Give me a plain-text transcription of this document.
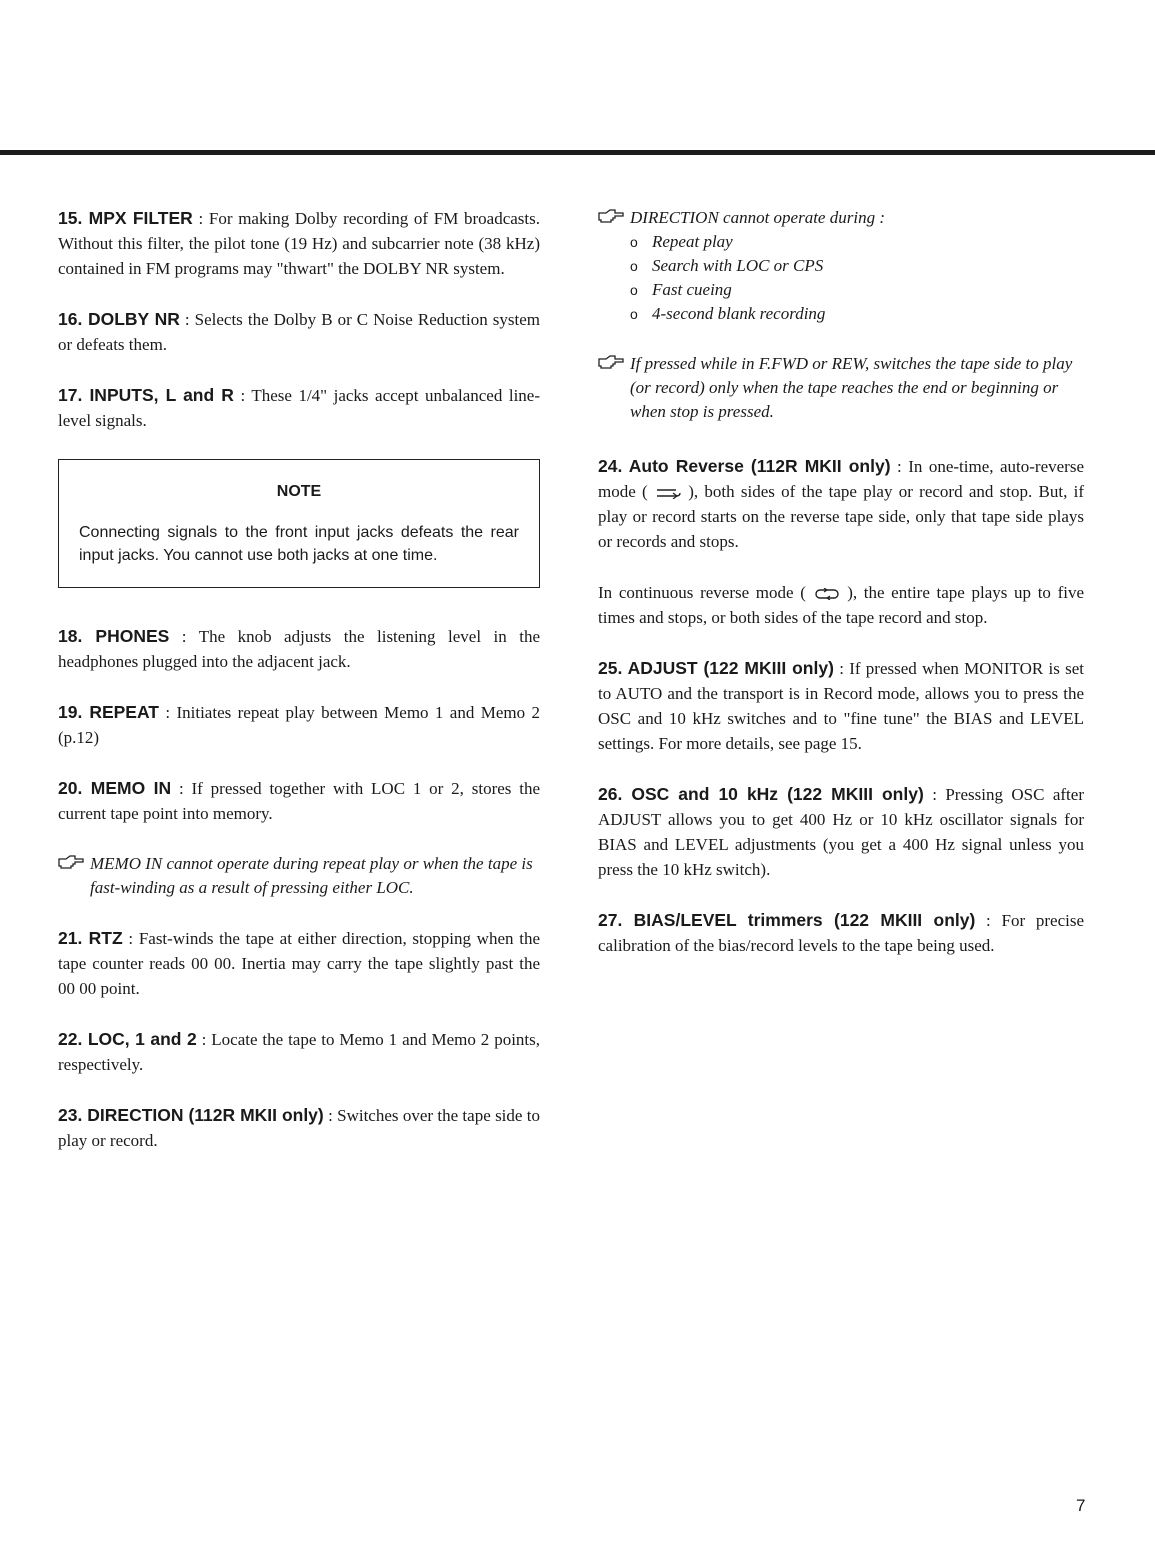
15. MPX FILTER : For making Dolby recording of FM broadcasts. Without this filter, the pilot tone (19 Hz) and subcarrier note (38 kHz) contained in FM programs may "thwart" the DOLBY NR system.

16. DOLBY NR : Selects the Dolby B or C Noise Reduction system or defeats them.

17. INPUTS, L and R : These 1/4" jacks accept unbalanced line-level signals.

NOTE
Connecting signals to the front input jacks defeats the rear input jacks. You cannot use both jacks at one time.

18. PHONES : The knob adjusts the listening level in the headphones plugged into the adjacent jack.

19. REPEAT : Initiates repeat play between Memo 1 and Memo 2 (p.12)

20. MEMO IN : If pressed together with LOC 1 or 2, stores the current tape point into memory.

MEMO IN cannot operate during repeat play or when the tape is fast-winding as a result of pressing either LOC.

21. RTZ : Fast-winds the tape at either direction, stopping when the tape counter reads 00 00. Inertia may carry the tape slightly past the 00 00 point.

22. LOC, 1 and 2 : Locate the tape to Memo 1 and Memo 2 points, respectively.

23. DIRECTION (112R MKII only) : Switches over the tape side to play or record.

DIRECTION cannot operate during :
o Repeat play
o Search with LOC or CPS
o Fast cueing
o 4-second blank recording
If pressed while in F.FWD or REW, switches the tape side to play (or record) only when the tape reaches the end or beginning or when stop is pressed.

24. Auto Reverse (112R MKII only) : In one-time, auto-reverse mode (  ), both sides of the tape play or record and stop. But, if play or record starts on the reverse tape side, only that tape side plays or records and stops.

In continuous reverse mode (  ), the entire tape plays up to five times and stops, or both sides of the tape record and stop.

25. ADJUST (122 MKIII only) : If pressed when MONITOR is set to AUTO and the transport is in Record mode, allows you to press the OSC and 10 kHz switches and to "fine tune" the BIAS and LEVEL settings. For more details, see page 15.

26. OSC and 10 kHz (122 MKIII only) : Pressing OSC after ADJUST allows you to get 400 Hz or 10 kHz oscillator signals for BIAS and LEVEL adjustments (you get a 400 Hz signal unless you press the 10 kHz switch).

27. BIAS/LEVEL trimmers (122 MKIII only) : For precise calibration of the bias/record levels to the tape being used.

7
